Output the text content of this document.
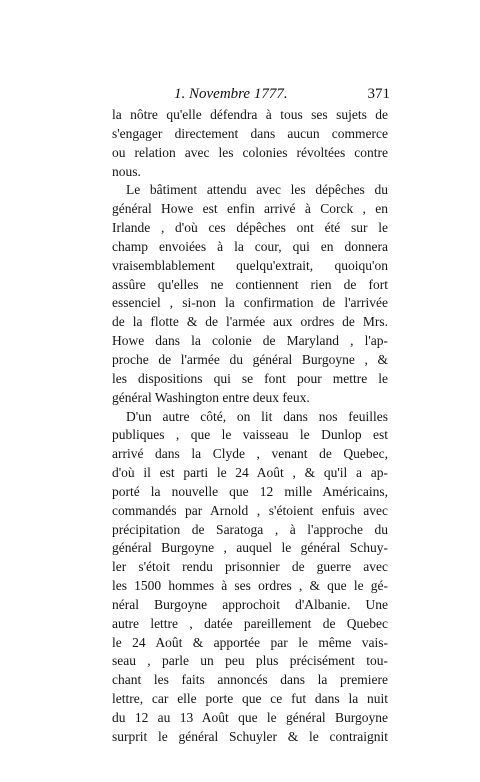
1. Novembre 1777.	371
la nôtre qu'elle défendra à tous ses sujets de
s'engager directement dans aucun commerce
ou relation avec les colonies révoltées contre
nous.
Le bâtiment attendu avec les dépêches du
général Howe est enfin arrivé à Corck , en
Irlande , d'où ces dépêches ont été sur le
champ envoiées à la cour, qui en donnera
vraisemblablement quelqu'extrait, quoiqu'on
assûre qu'elles ne contiennent rien de fort
essenciel , si-non la confirmation de l'arrivée
de la flotte & de l'armée aux ordres de Mrs.
Howe dans la colonie de Maryland , l'ap-
proche de l'armée du général Burgoyne , &
les dispositions qui se font pour mettre le
général Washington entre deux feux.
D'un autre côté, on lit dans nos feuilles
publiques , que le vaisseau le Dunlop est
arrivé dans la Clyde , venant de Quebec,
d'où il est parti le 24 Août , & qu'il a ap-
porté la nouvelle que 12 mille Américains,
commandés par Arnold , s'étoient enfuis avec
précipitation de Saratoga , à l'approche du
général Burgoyne , auquel le général Schuy-
ler s'étoit rendu prisonnier de guerre avec
les 1500 hommes à ses ordres , & que le gé-
néral Burgoyne approchoit d'Albanie. Une
autre lettre , datée pareillement de Quebec
le 24 Août & apportée par le même vais-
seau , parle un peu plus précisément tou-
chant les faits annoncés dans la premiere
lettre, car elle porte que ce fut dans la nuit
du 12 au 13 Août que le général Burgoyne
surprit le général Schuyler & le contraignit
